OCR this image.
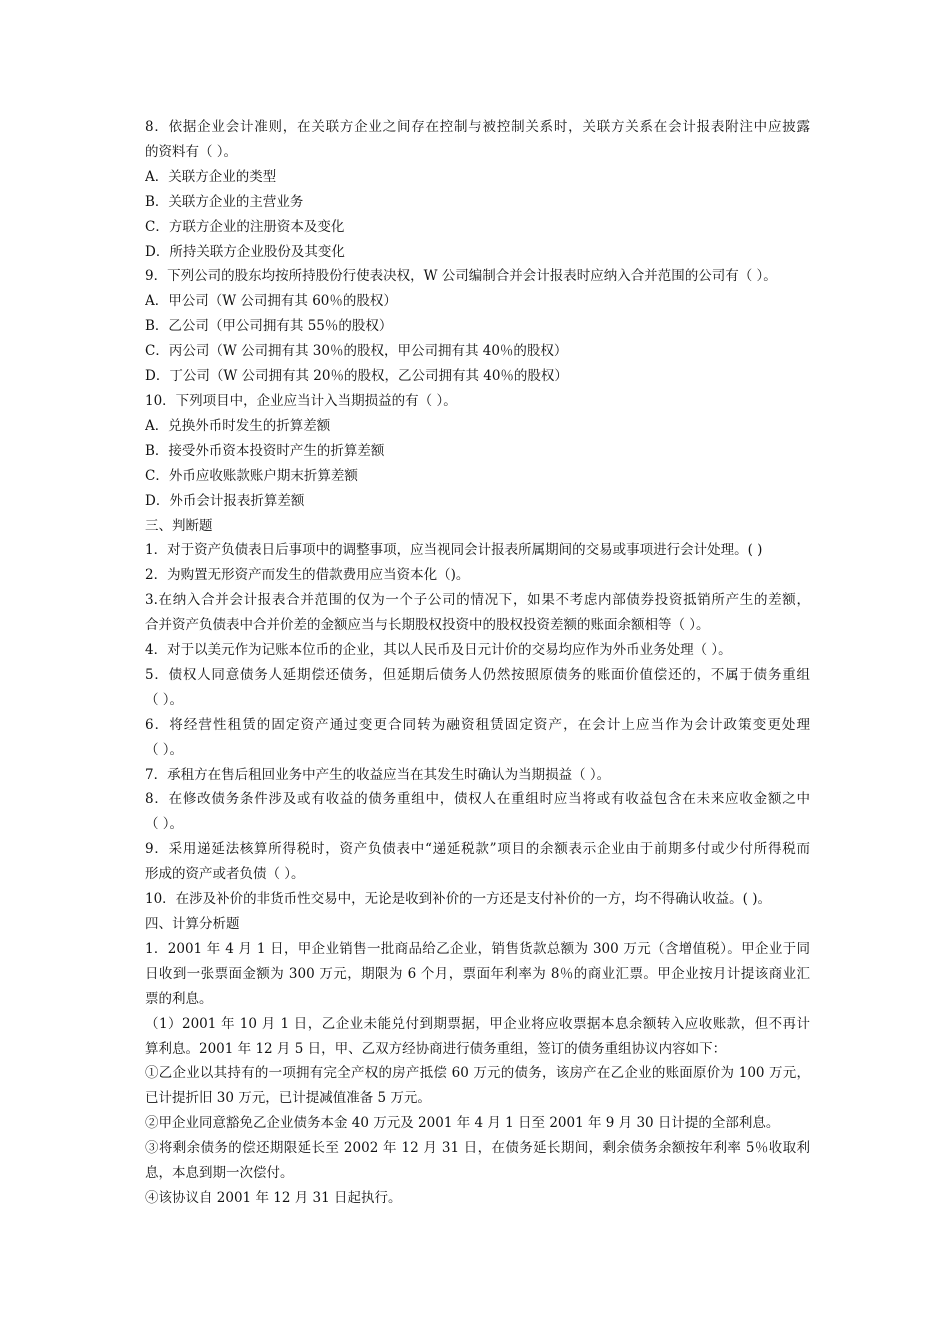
8．依据企业会计准则，在关联方企业之间存在控制与被控制关系时，关联方关系在会计报表附注中应披露
的资料有（ ）。
A．关联方企业的类型
B．关联方企业的主营业务
C．方联方企业的注册资本及变化
D．所持关联方企业股份及其变化
9．下列公司的股东均按所持股份行使表决权，W 公司编制合并会计报表时应纳入合并范围的公司有（ ）。
A．甲公司（W 公司拥有其 60％的股权）
B．乙公司（甲公司拥有其 55％的股权）
C．丙公司（W 公司拥有其 30％的股权，甲公司拥有其 40％的股权）
D．丁公司（W 公司拥有其 20％的股权，乙公司拥有其 40％的股权）
10．下列项目中，企业应当计入当期损益的有（ ）。
A．兑换外币时发生的折算差额
B．接受外币资本投资时产生的折算差额
C．外币应收账款账户期末折算差额
D．外币会计报表折算差额
三、判断题
1．对于资产负债表日后事项中的调整事项，应当视同会计报表所属期间的交易或事项进行会计处理。( )
2．为购置无形资产而发生的借款费用应当资本化（)。
3.在纳入合并会计报表合并范围的仅为一个子公司的情况下，如果不考虑内部债券投资抵销所产生的差额，
合并资产负债表中合并价差的金额应当与长期股权投资中的股权投资差额的账面余额相等（ ）。
4．对于以美元作为记账本位币的企业，其以人民币及日元计价的交易均应作为外币业务处理（ ）。
5．债权人同意债务人延期偿还债务，但延期后债务人仍然按照原债务的账面价值偿还的，不属于债务重组
（ ）。
6．将经营性租赁的固定资产通过变更合同转为融资租赁固定资产，在会计上应当作为会计政策变更处理
（ ）。
7．承租方在售后租回业务中产生的收益应当在其发生时确认为当期损益（ ）。
8．在修改债务条件涉及或有收益的债务重组中，债权人在重组时应当将或有收益包含在未来应收金额之中
（ ）。
9．采用递延法核算所得税时，资产负债表中“递延税款”项目的余额表示企业由于前期多付或少付所得税而
形成的资产或者负债（ ）。
10．在涉及补价的非货币性交易中，无论是收到补价的一方还是支付补价的一方，均不得确认收益。( )。
四、计算分析题
1．2001 年 4 月 1 日，甲企业销售一批商品给乙企业，销售货款总额为 300 万元（含增值税）。甲企业于同
日收到一张票面金额为 300 万元，期限为 6 个月，票面年利率为 8％的商业汇票。甲企业按月计提该商业汇
票的利息。
（1）2001 年 10 月 1 日，乙企业未能兑付到期票据，甲企业将应收票据本息余额转入应收账款，但不再计
算利息。2001 年 12 月 5 日，甲、乙双方经协商进行债务重组，签订的债务重组协议内容如下：
①乙企业以其持有的一项拥有完全产权的房产抵偿 60 万元的债务，该房产在乙企业的账面原价为 100 万元，
已计提折旧 30 万元，已计提减值准备 5 万元。
②甲企业同意豁免乙企业债务本金 40 万元及 2001 年 4 月 1 日至 2001 年 9 月 30 日计提的全部利息。
③将剩余债务的偿还期限延长至 2002 年 12 月 31 日，在债务延长期间，剩余债务余额按年利率 5％收取利
息，本息到期一次偿付。
④该协议自 2001 年 12 月 31 日起执行。
